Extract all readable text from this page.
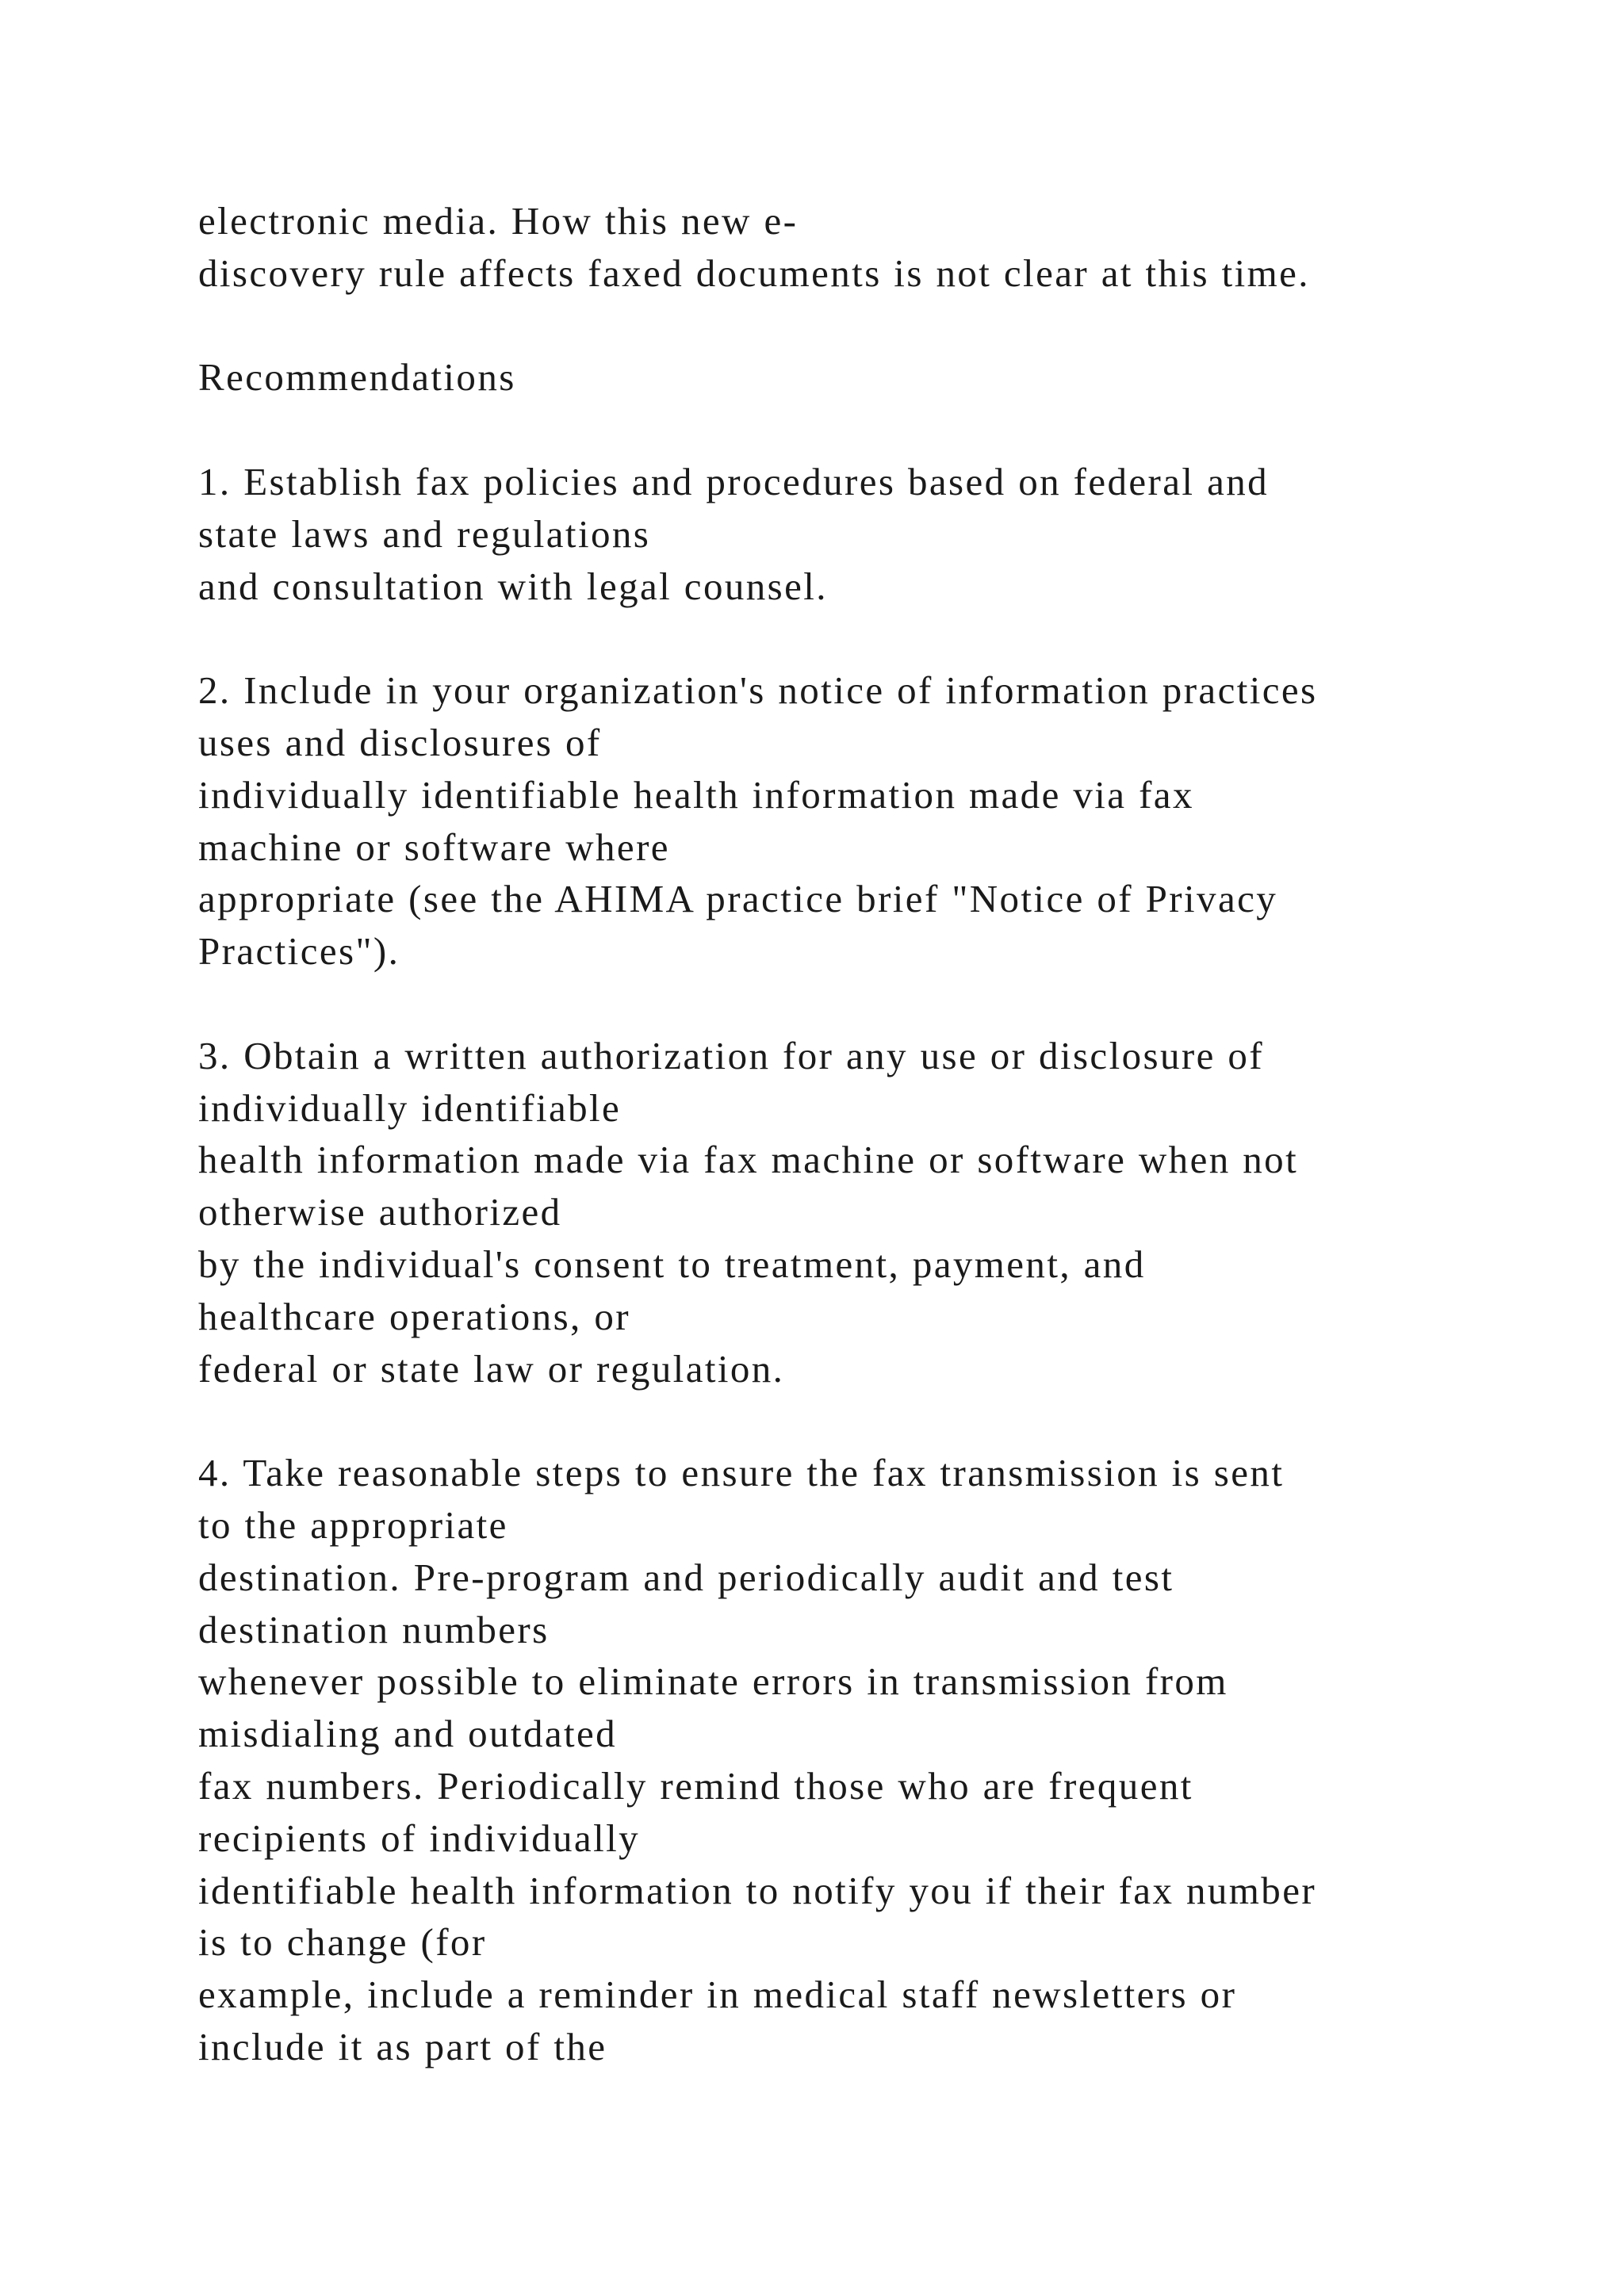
electronic media. How this new e-
discovery rule affects faxed documents is not clear at this time.
Recommendations
1. Establish fax policies and procedures based on federal and
state laws and regulations
and consultation with legal counsel.
2. Include in your organization's notice of information practices
uses and disclosures of
individually identifiable health information made via fax
machine or software where
appropriate (see the AHIMA practice brief "Notice of Privacy
Practices").
3. Obtain a written authorization for any use or disclosure of
individually identifiable
health information made via fax machine or software when not
otherwise authorized
by the individual's consent to treatment, payment, and
healthcare operations, or
federal or state law or regulation.
4. Take reasonable steps to ensure the fax transmission is sent
to the appropriate
destination. Pre-program and periodically audit and test
destination numbers
whenever possible to eliminate errors in transmission from
misdialing and outdated
fax numbers. Periodically remind those who are frequent
recipients of individually
identifiable health information to notify you if their fax number
is to change (for
example, include a reminder in medical staff newsletters or
include it as part of the
